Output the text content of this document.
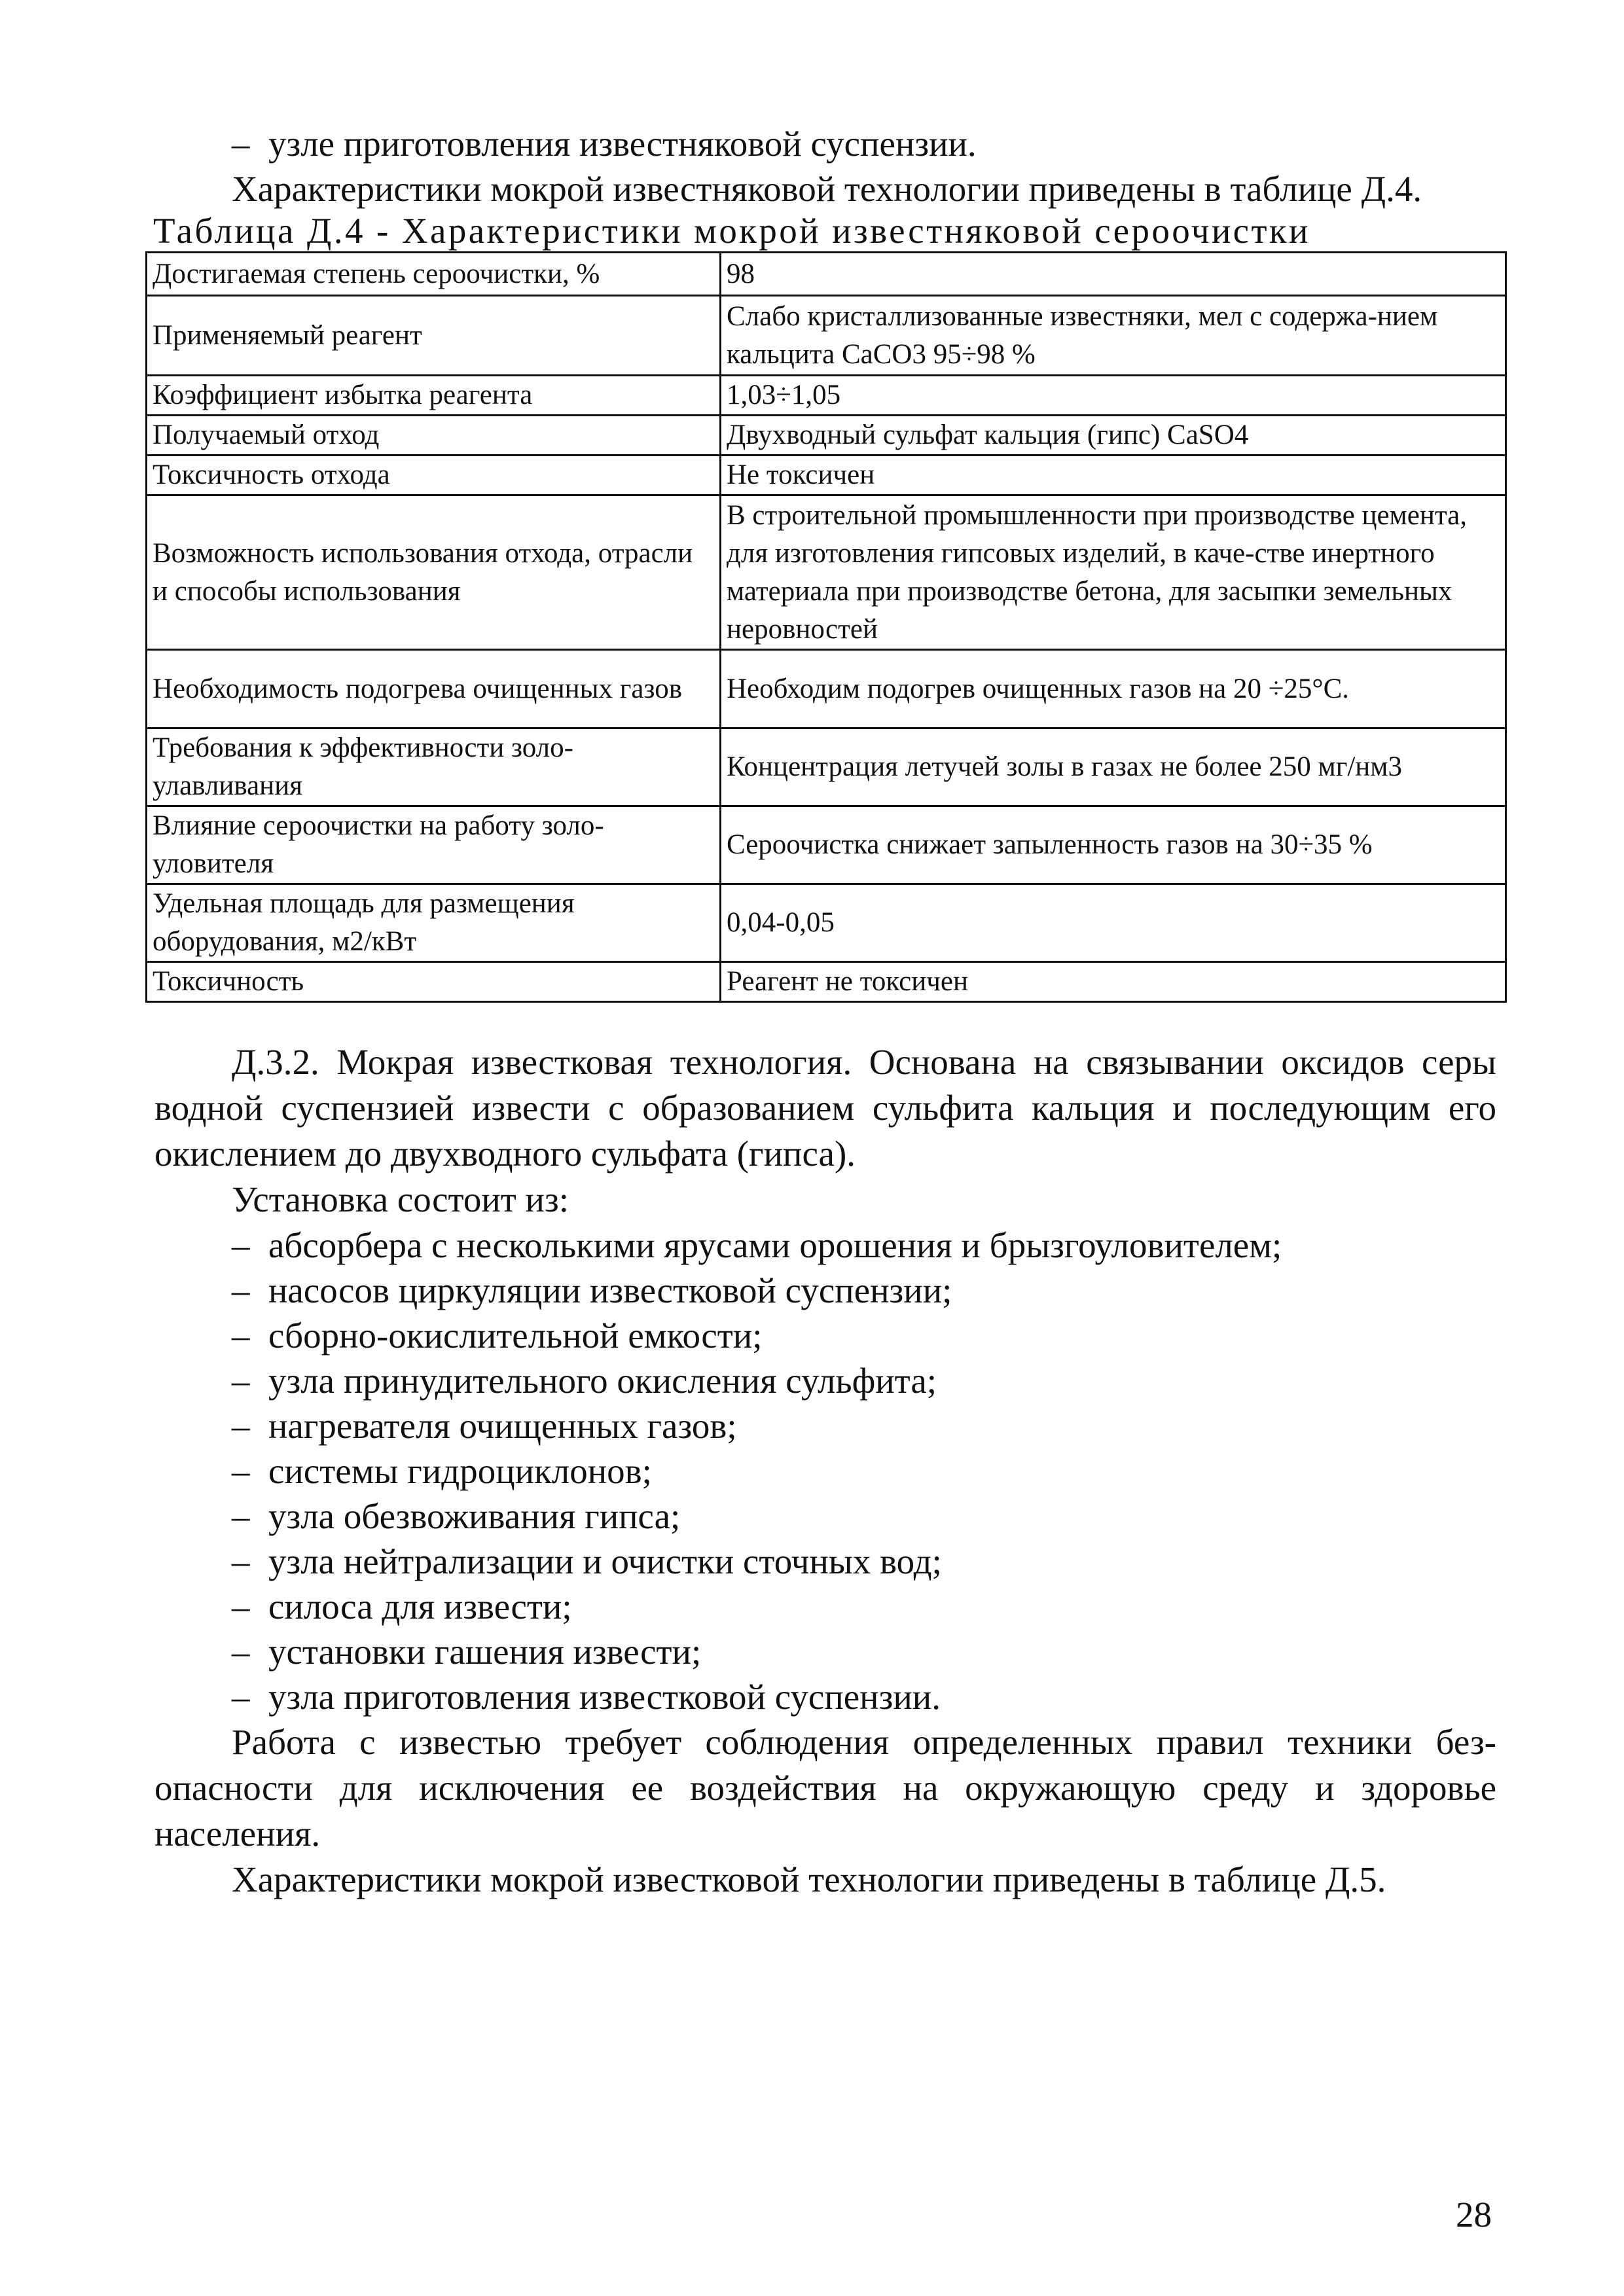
– узле приготовления известняковой суспензии.

Характеристики мокрой известняковой технологии приведены в таблице Д.4.

Таблица Д.4 - Характеристики мокрой известняковой сероочистки
Достигаемая степень сероочистки, %	98
Применяемый реагент	Слабо кристаллизованные известняки, мел с содержа-нием кальцита CaCO3 95÷98 %
Коэффициент избытка реагента	1,03÷1,05
Получаемый отход	Двухводный сульфат кальция (гипс) CaSO4
Токсичность отхода	Не токсичен
Возможность использования отхода, отрасли и способы использования	В строительной промышленности при производстве цемента, для изготовления гипсовых изделий, в каче-стве инертного материала при производстве бетона, для засыпки земельных неровностей
Необходимость подогрева очищенных газов	Необходим подогрев очищенных газов на 20 ÷25°C.
Требования к эффективности золо-улавливания	Концентрация летучей золы в газах не более 250 мг/нм3
Влияние сероочистки на работу золо-уловителя	Сероочистка снижает запыленность газов на 30÷35 %
Удельная площадь для размещения оборудования, м2/кВт	0,04-0,05
Токсичность	Реагент не токсичен

Д.3.2. Мокрая известковая технология. Основана на связывании оксидов серы водной суспензией извести с образованием сульфита кальция и последующим его окислением до двухводного сульфата (гипса).

Установка состоит из:

– абсорбера с несколькими ярусами орошения и брызгоуловителем;
– насосов циркуляции известковой суспензии;
– сборно-окислительной емкости;
– узла принудительного окисления сульфита;
– нагревателя очищенных газов;
– системы гидроциклонов;
– узла обезвоживания гипса;
– узла нейтрализации и очистки сточных вод;
– силоса для извести;
– установки гашения извести;
– узла приготовления известковой суспензии.

Работа с известью требует соблюдения определенных правил техники без-опасности для исключения ее воздействия на окружающую среду и здоровье населения.

Характеристики мокрой известковой технологии приведены в таблице Д.5.

28
